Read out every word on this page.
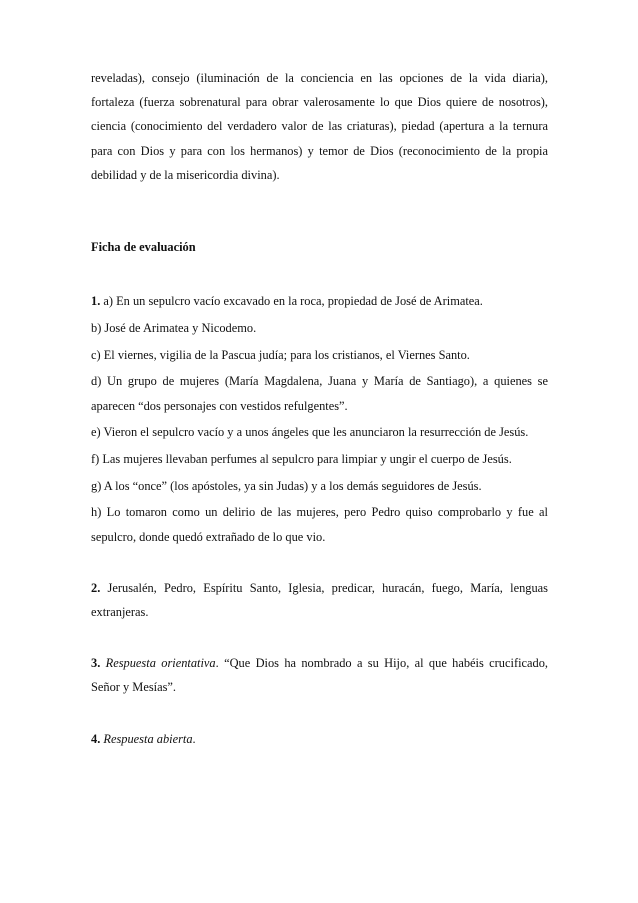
reveladas), consejo (iluminación de la conciencia en las opciones de la vida diaria),

fortaleza (fuerza sobrenatural para obrar valerosamente lo que Dios quiere de nosotros),

ciencia (conocimiento del verdadero valor de las criaturas), piedad (apertura a la ternura

para con Dios y para con los hermanos) y temor de Dios (reconocimiento de la propia

debilidad y de la misericordia divina).

Ficha de evaluación

1. a) En un sepulcro vacío excavado en la roca, propiedad de José de Arimatea.

b) José de Arimatea y Nicodemo.

c) El viernes, vigilia de la Pascua judía; para los cristianos, el Viernes Santo.

d) Un grupo de mujeres (María Magdalena, Juana y María de Santiago), a quienes se

aparecen “dos personajes con vestidos refulgentes”.

e) Vieron el sepulcro vacío y a unos ángeles que les anunciaron la resurrección de Jesús.

f) Las mujeres llevaban perfumes al sepulcro para limpiar y ungir el cuerpo de Jesús.

g) A los “once” (los apóstoles, ya sin Judas) y a los demás seguidores de Jesús.

h) Lo tomaron como un delirio de las mujeres, pero Pedro quiso comprobarlo y fue al

sepulcro, donde quedó extrañado de lo que vio.

2. Jerusalén, Pedro, Espíritu Santo, Iglesia, predicar, huracán, fuego, María, lenguas

extranjeras.

3. Respuesta orientativa. “Que Dios ha nombrado a su Hijo, al que habéis crucificado,

Señor y Mesías”.

4. Respuesta abierta.
